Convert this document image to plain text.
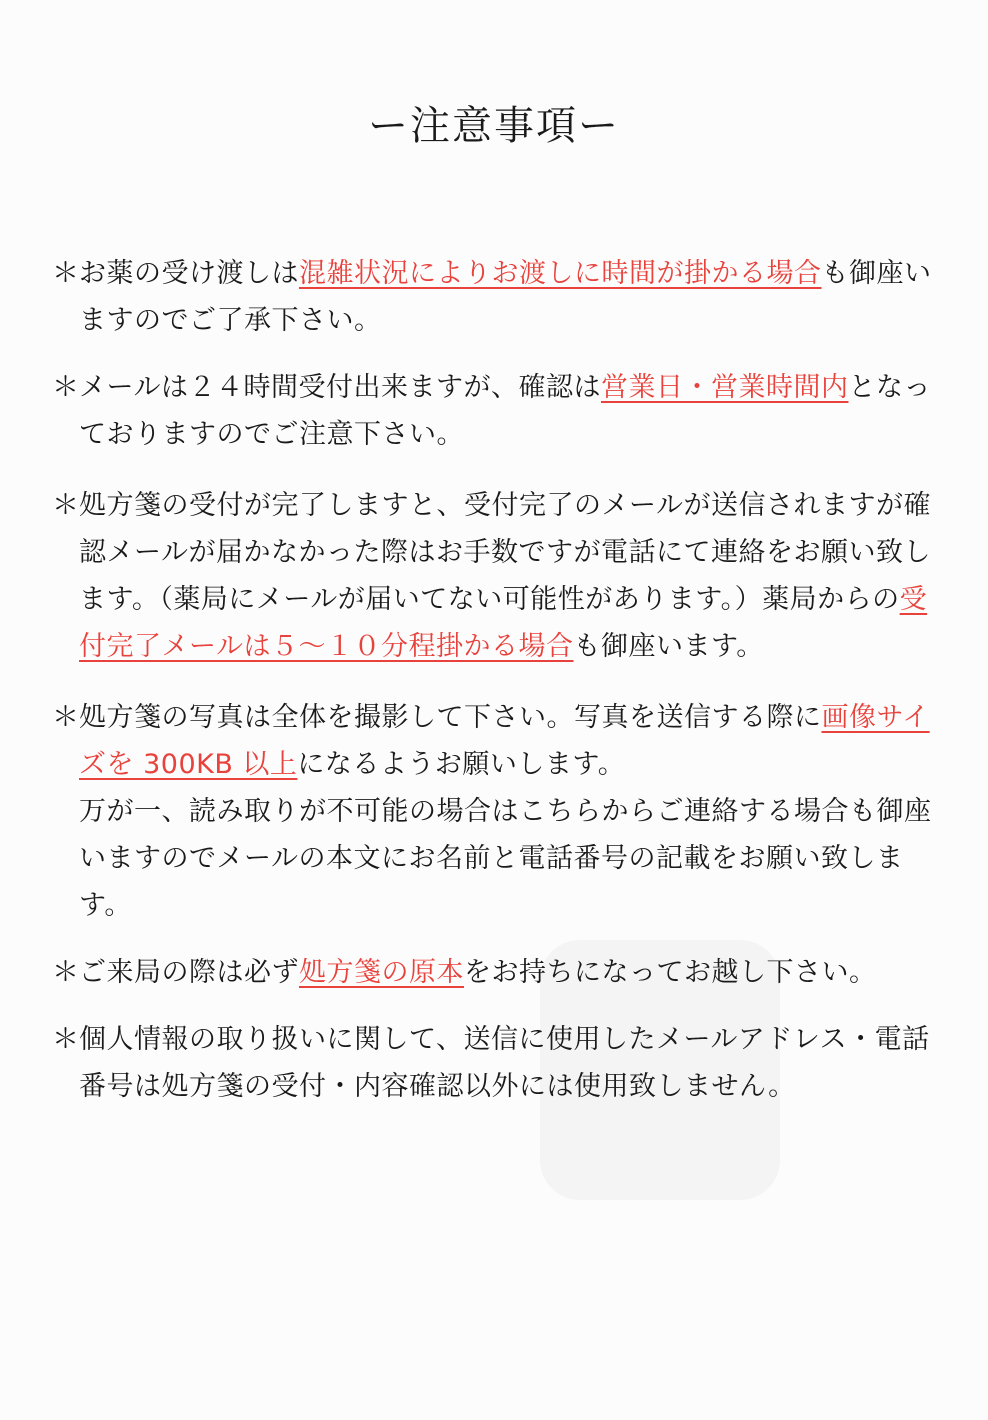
ー注意事項ー
＊ お薬の受け渡しは混雑状況によりお渡しに時間が掛かる場合も御座いますのでご了承下さい。
＊ メールは２４時間受付出来ますが、確認は営業日・営業時間内となっておりますのでご注意下さい。
＊ 処方箋の受付が完了しますと、受付完了のメールが送信されますが確認メールが届かなかった際はお手数ですが電話にて連絡をお願い致します。（薬局にメールが届いてない可能性があります。）薬局からの受付完了メールは５〜１０分程掛かる場合も御座います。
＊ 処方箋の写真は全体を撮影して下さい。写真を送信する際に画像サイズを 300KB 以上になるようお願いします。
万が一、読み取りが不可能の場合はこちらからご連絡する場合も御座いますのでメールの本文にお名前と電話番号の記載をお願い致します。
＊ ご来局の際は必ず処方箋の原本をお持ちになってお越し下さい。
＊ 個人情報の取り扱いに関して、送信に使用したメールアドレス・電話番号は処方箋の受付・内容確認以外には使用致しません。
